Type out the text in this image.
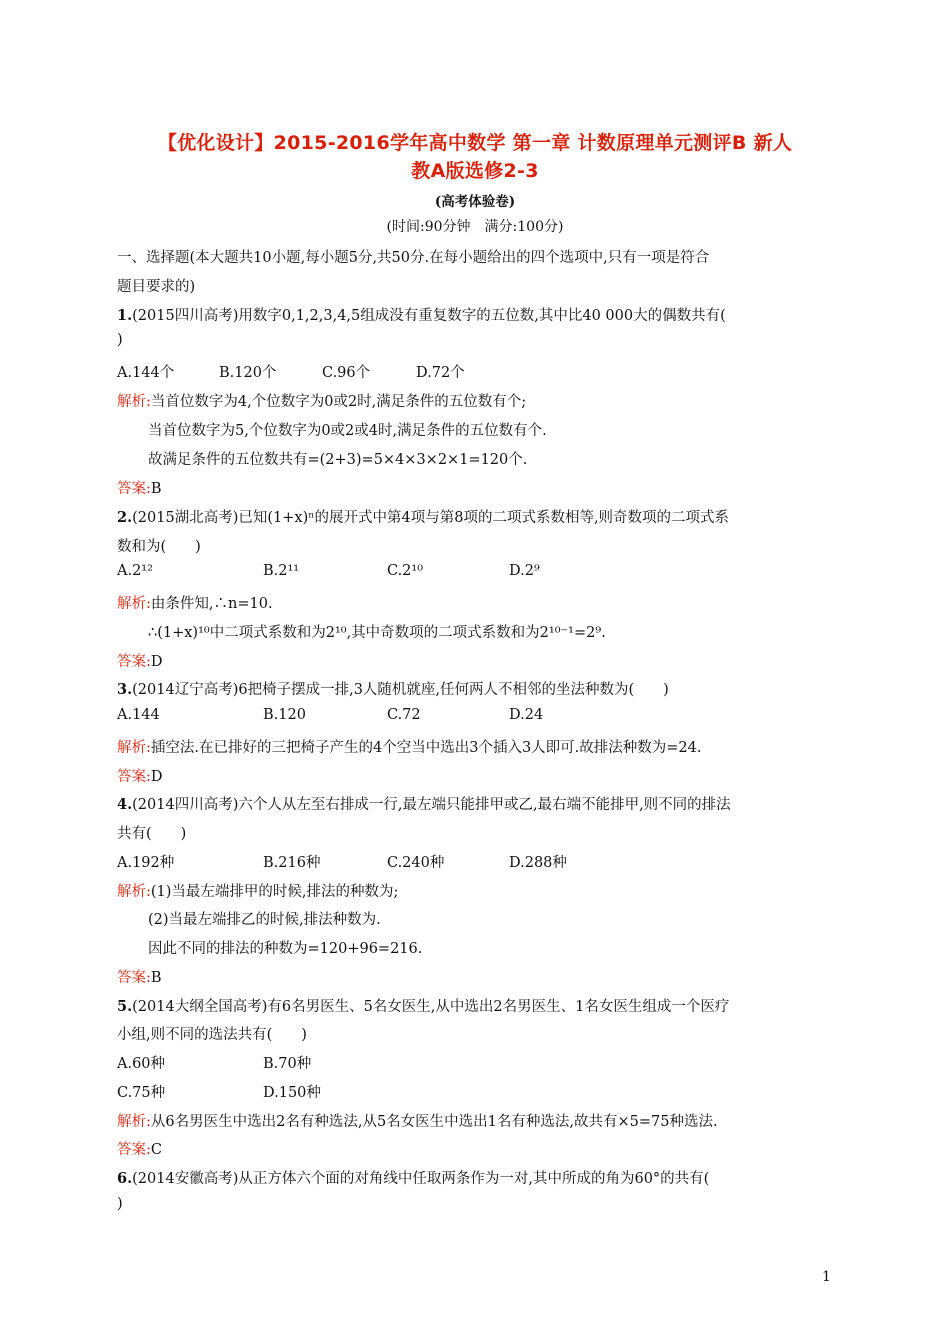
【优化设计】2015-2016学年高中数学 第一章 计数原理单元测评B 新人
教A版选修2-3
(高考体验卷)
(时间:90分钟　满分:100分)
一、选择题(本大题共10小题,每小题5分,共50分.在每小题给出的四个选项中,只有一项是符合
题目要求的)
1.(2015四川高考)用数字0,1,2,3,4,5组成没有重复数字的五位数,其中比40 000大的偶数共有(
)
A.144个	B.120个	C.96个	D.72个
解析:当首位数字为4,个位数字为0或2时,满足条件的五位数有个;
当首位数字为5,个位数字为0或2或4时,满足条件的五位数有个.
故满足条件的五位数共有=(2+3)=5×4×3×2×1=120个.
答案:B
2.(2015湖北高考)已知(1+x)ⁿ的展开式中第4项与第8项的二项式系数相等,则奇数项的二项式系
数和为(　　)
A.2¹²	B.2¹¹	C.2¹⁰	D.2⁹
解析:由条件知,∴n=10.
∴(1+x)¹⁰中二项式系数和为2¹⁰,其中奇数项的二项式系数和为2¹⁰⁻¹=2⁹.
答案:D
3.(2014辽宁高考)6把椅子摆成一排,3人随机就座,任何两人不相邻的坐法种数为(　　)
A.144	B.120	C.72	D.24
解析:插空法.在已排好的三把椅子产生的4个空当中选出3个插入3人即可.故排法种数为=24.
答案:D
4.(2014四川高考)六个人从左至右排成一行,最左端只能排甲或乙,最右端不能排甲,则不同的排法
共有(　　)
A.192种	B.216种	C.240种	D.288种
解析:(1)当最左端排甲的时候,排法的种数为;
(2)当最左端排乙的时候,排法种数为.
因此不同的排法的种数为=120+96=216.
答案:B
5.(2014大纲全国高考)有6名男医生、5名女医生,从中选出2名男医生、1名女医生组成一个医疗
小组,则不同的选法共有(　　)
A.60种	B.70种
C.75种	D.150种
解析:从6名男医生中选出2名有种选法,从5名女医生中选出1名有种选法,故共有×5=75种选法.
答案:C
6.(2014安徽高考)从正方体六个面的对角线中任取两条作为一对,其中所成的角为60°的共有(
)
1
